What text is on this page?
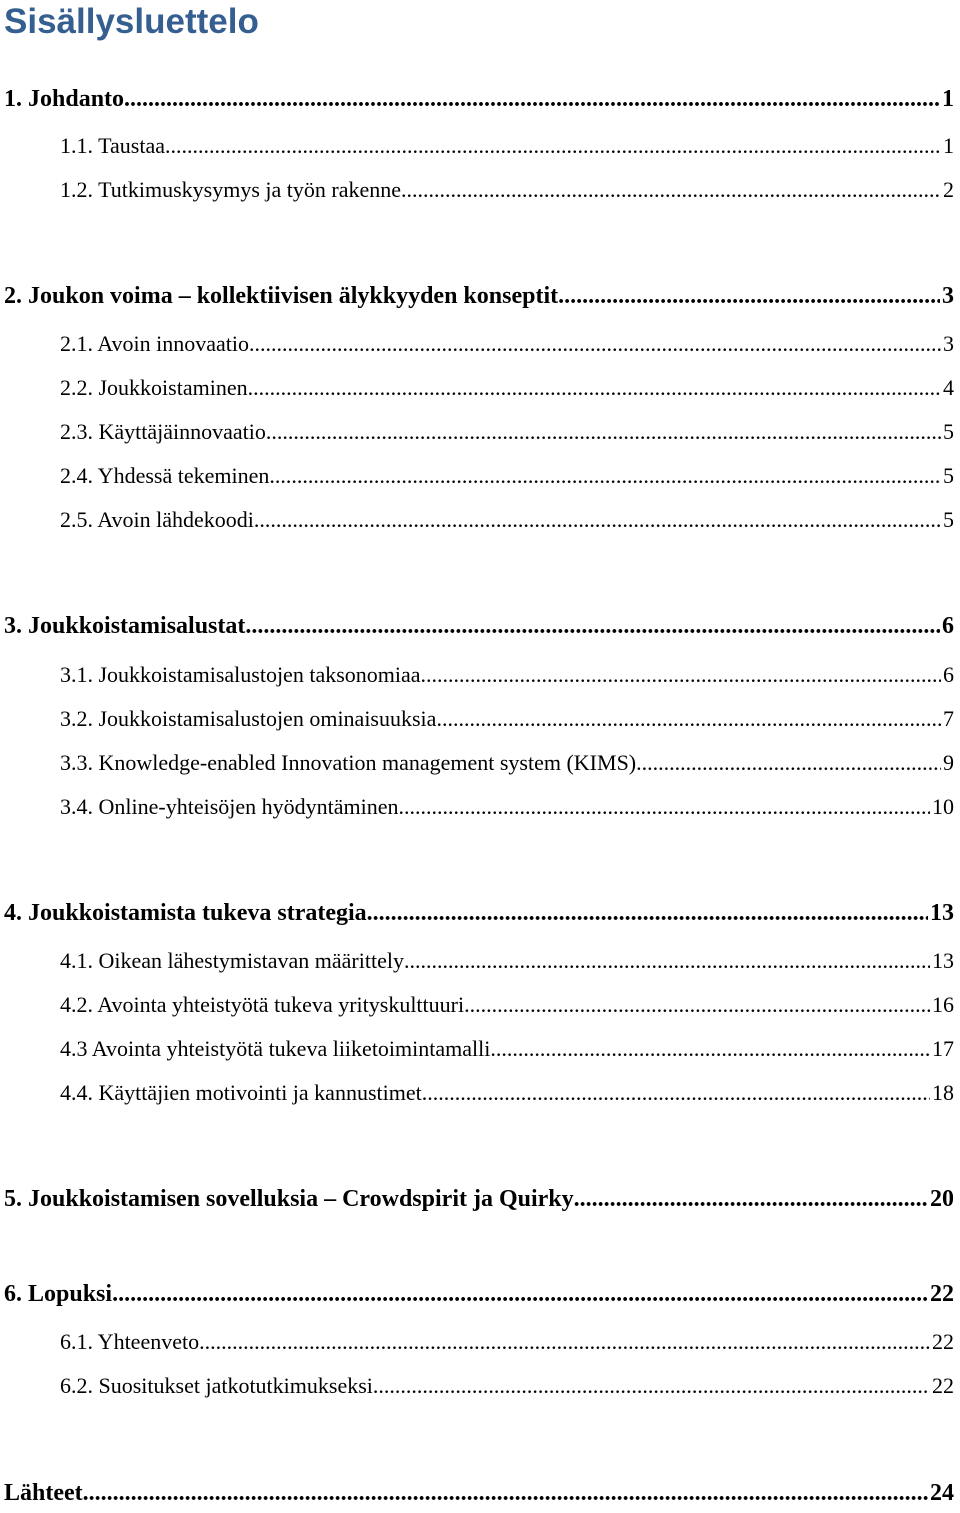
Sisällysluettelo
1. Johdanto .....	1
1.1. Taustaa .....	1
1.2. Tutkimuskysymys ja työn rakenne .....	2
2. Joukon voima – kollektiivisen älykkyyden konseptit .....	3
2.1. Avoin innovaatio .....	3
2.2. Joukkoistaminen .....	4
2.3. Käyttäjäinnovaatio .....	5
2.4. Yhdessä tekeminen .....	5
2.5. Avoin lähdekoodi .....	5
3. Joukkoistamisalustat .....	6
3.1. Joukkoistamisalustojen taksonomiaa .....	6
3.2. Joukkoistamisalustojen ominaisuuksia .....	7
3.3. Knowledge-enabled Innovation management system (KIMS) .....	9
3.4. Online-yhteisöjen hyödyntäminen .....	10
4. Joukkoistamista tukeva strategia .....	13
4.1. Oikean lähestymistavan määrittely .....	13
4.2. Avointa yhteistyötä tukeva yrityskulttuuri .....	16
4.3 Avointa yhteistyötä tukeva liiketoimintamalli .....	17
4.4. Käyttäjien motivointi ja kannustimet .....	18
5. Joukkoistamisen sovelluksia – Crowdspirit ja Quirky .....	20
6. Lopuksi .....	22
6.1. Yhteenveto .....	22
6.2. Suositukset jatkotutkimukseksi .....	22
Lähteet .....	24
